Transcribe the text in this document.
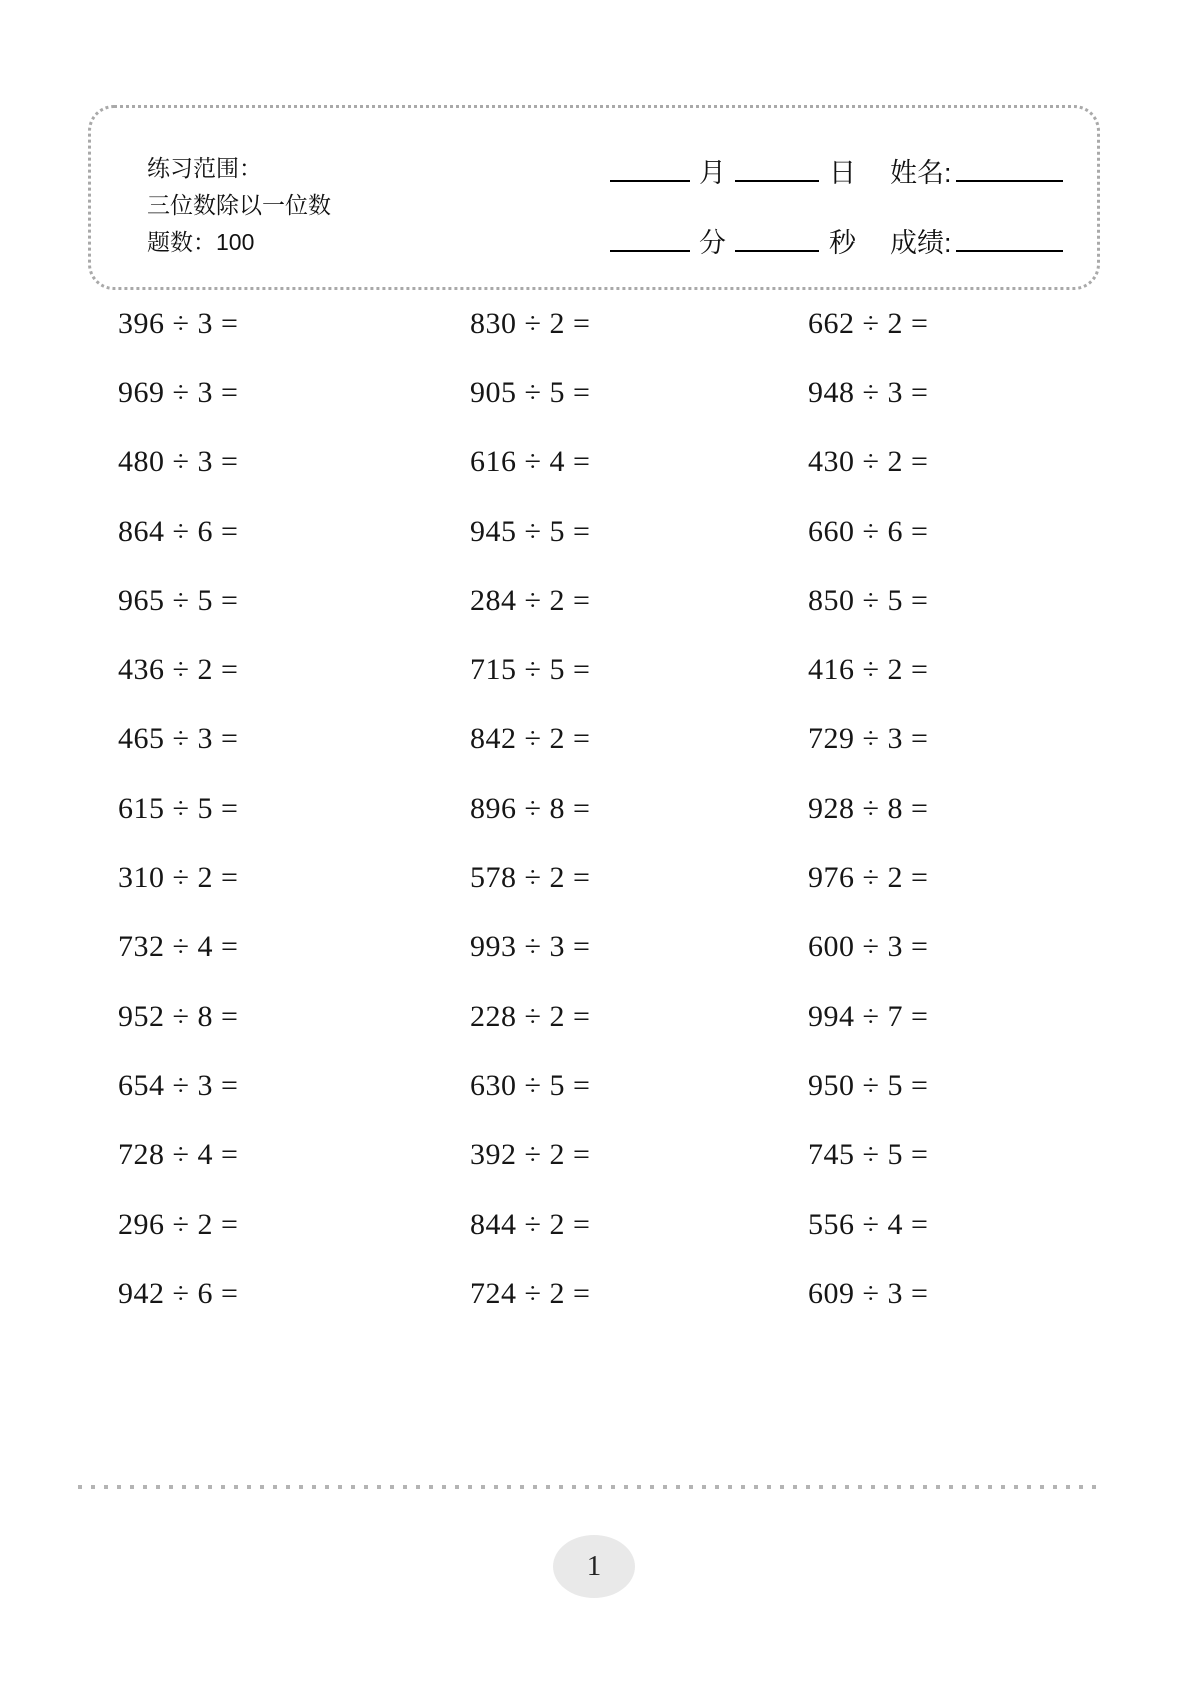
练习范围：
三位数除以一位数
题数：100
月	日 姓名:
分	秒 成绩:
396 ÷ 3 =	830 ÷ 2 =	662 ÷ 2 =
969 ÷ 3 =	905 ÷ 5 =	948 ÷ 3 =
480 ÷ 3 =	616 ÷ 4 =	430 ÷ 2 =
864 ÷ 6 =	945 ÷ 5 =	660 ÷ 6 =
965 ÷ 5 =	284 ÷ 2 =	850 ÷ 5 =
436 ÷ 2 =	715 ÷ 5 =	416 ÷ 2 =
465 ÷ 3 =	842 ÷ 2 =	729 ÷ 3 =
615 ÷ 5 =	896 ÷ 8 =	928 ÷ 8 =
310 ÷ 2 =	578 ÷ 2 =	976 ÷ 2 =
732 ÷ 4 =	993 ÷ 3 =	600 ÷ 3 =
952 ÷ 8 =	228 ÷ 2 =	994 ÷ 7 =
654 ÷ 3 =	630 ÷ 5 =	950 ÷ 5 =
728 ÷ 4 =	392 ÷ 2 =	745 ÷ 5 =
296 ÷ 2 =	844 ÷ 2 =	556 ÷ 4 =
942 ÷ 6 =	724 ÷ 2 =	609 ÷ 3 =
1
